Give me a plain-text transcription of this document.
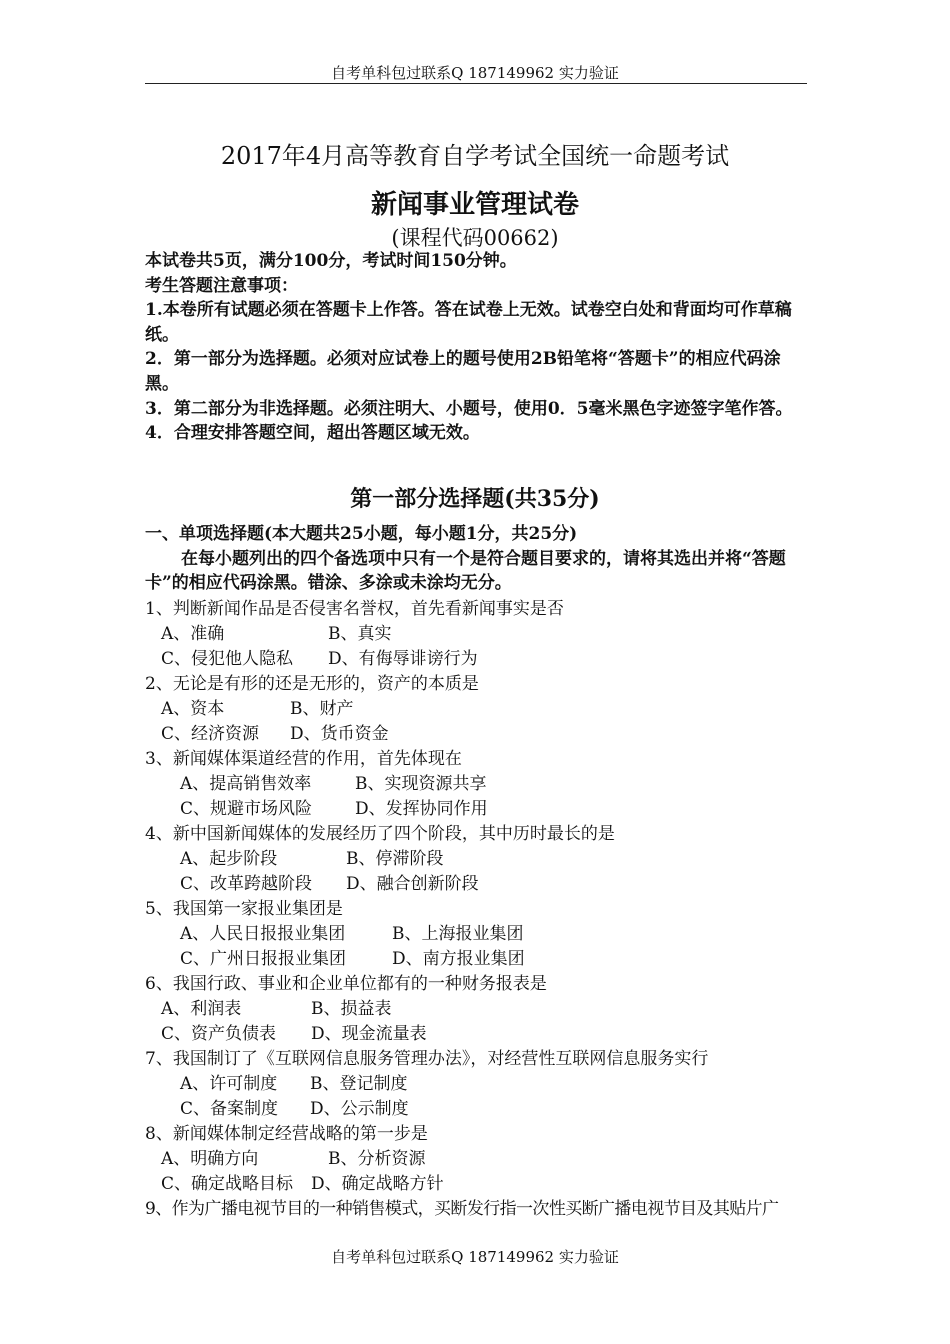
自考单科包过联系Q 187149962 实力验证
2017年4月高等教育自学考试全国统一命题考试
新闻事业管理试卷
(课程代码00662)
本试卷共5页，满分100分，考试时间150分钟。
考生答题注意事项：
1.本卷所有试题必须在答题卡上作答。答在试卷上无效。试卷空白处和背面均可作草稿纸。
2．第一部分为选择题。必须对应试卷上的题号使用2B铅笔将“答题卡”的相应代码涂黑。
3．第二部分为非选择题。必须注明大、小题号，使用0．5毫米黑色字迹签字笔作答。
4．合理安排答题空间，超出答题区域无效。
第一部分选择题(共35分)
一、单项选择题(本大题共25小题，每小题1分，共25分)
在每小题列出的四个备选项中只有一个是符合题目要求的，请将其选出并将“答题卡”的相应代码涂黑。错涂、多涂或未涂均无分。
1、判断新闻作品是否侵害名誉权，首先看新闻事实是否
A、准确	B、真实
C、侵犯他人隐私 D、有侮辱诽谤行为
2、无论是有形的还是无形的，资产的本质是
A、资本	B、财产
C、经济资源 D、货币资金
3、新闻媒体渠道经营的作用，首先体现在
A、提高销售效率	B、实现资源共享
C、规避市场风险	D、发挥协同作用
4、新中国新闻媒体的发展经历了四个阶段，其中历时最长的是
A、起步阶段	B、停滞阶段
C、改革跨越阶段 D、融合创新阶段
5、我国第一家报业集团是
A、人民日报报业集团	B、上海报业集团
C、广州日报报业集团	D、南方报业集团
6、我国行政、事业和企业单位都有的一种财务报表是
A、利润表	B、损益表
C、资产负债表 D、现金流量表
7、我国制订了《互联网信息服务管理办法》，对经营性互联网信息服务实行
A、许可制度 B、登记制度
C、备案制度 D、公示制度
8、新闻媒体制定经营战略的第一步是
A、明确方向	B、分析资源
C、确定战略目标 D、确定战略方针
9、作为广播电视节目的一种销售模式，买断发行指一次性买断广播电视节目及其贴片广
自考单科包过联系Q 187149962 实力验证
